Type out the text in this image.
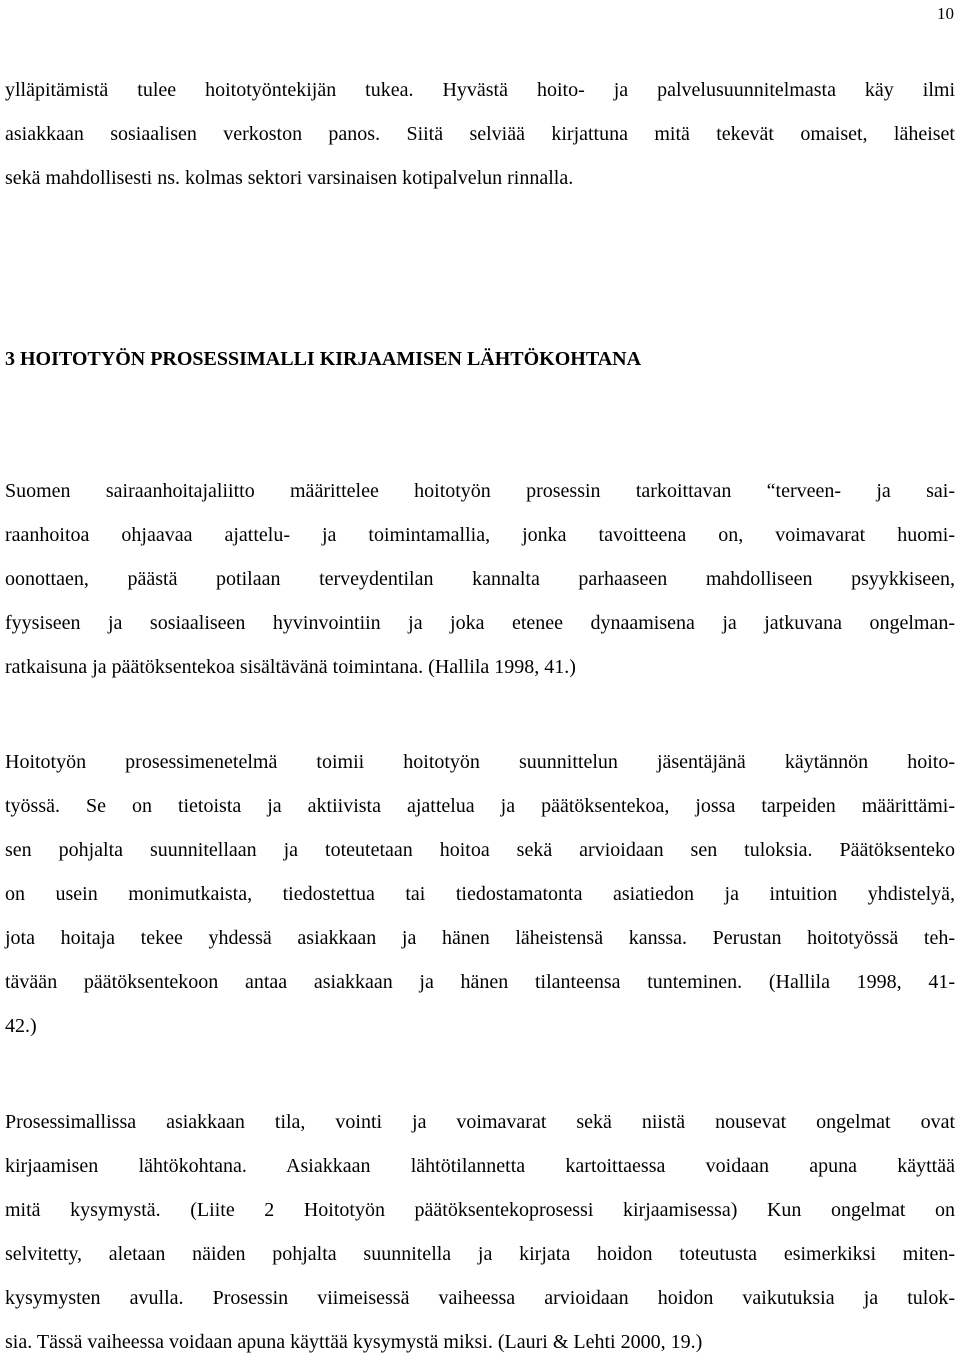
10
ylläpitämistä tulee hoitotyöntekijän tukea. Hyvästä hoito- ja palvelusuunnitelmasta käy ilmi
asiakkaan sosiaalisen verkoston panos. Siitä selviää kirjattuna mitä tekevät omaiset, läheiset
sekä mahdollisesti ns. kolmas sektori varsinaisen kotipalvelun rinnalla.
3 HOITOTYÖN PROSESSIMALLI KIRJAAMISEN LÄHTÖKOHTANA
Suomen sairaanhoitajaliitto määrittelee hoitotyön prosessin tarkoittavan “terveen- ja sai-
raanhoitoa ohjaavaa ajattelu- ja toimintamallia, jonka tavoitteena on, voimavarat huomi-
oonottaen, päästä potilaan terveydentilan kannalta parhaaseen mahdolliseen psyykkiseen,
fyysiseen ja sosiaaliseen hyvinvointiin ja joka etenee dynaamisena ja jatkuvana ongelman-
ratkaisuna ja päätöksentekoa sisältävänä toimintana. (Hallila 1998, 41.)
Hoitotyön prosessimenetelmä toimii hoitotyön suunnittelun jäsentäjänä käytännön hoito-
työssä. Se on tietoista ja aktiivista ajattelua ja päätöksentekoa, jossa tarpeiden määrittämi-
sen pohjalta suunnitellaan ja toteutetaan hoitoa sekä arvioidaan sen tuloksia. Päätöksenteko
on usein monimutkaista, tiedostettua tai tiedostamatonta asiatiedon ja intuition yhdistelyä,
jota hoitaja tekee yhdessä asiakkaan ja hänen läheistensä kanssa. Perustan hoitotyössä teh-
tävään päätöksentekoon antaa asiakkaan ja hänen tilanteensa tunteminen. (Hallila 1998, 41-
42.)
Prosessimallissa asiakkaan tila, vointi ja voimavarat sekä niistä nousevat ongelmat ovat
kirjaamisen lähtökohtana. Asiakkaan lähtötilannetta kartoittaessa voidaan apuna käyttää
mitä kysymystä. (Liite 2 Hoitotyön päätöksentekoprosessi kirjaamisessa) Kun ongelmat on
selvitetty, aletaan näiden pohjalta suunnitella ja kirjata hoidon toteutusta esimerkiksi miten-
kysymysten avulla. Prosessin viimeisessä vaiheessa arvioidaan hoidon vaikutuksia ja tulok-
sia. Tässä vaiheessa voidaan apuna käyttää kysymystä miksi. (Lauri & Lehti 2000, 19.)
